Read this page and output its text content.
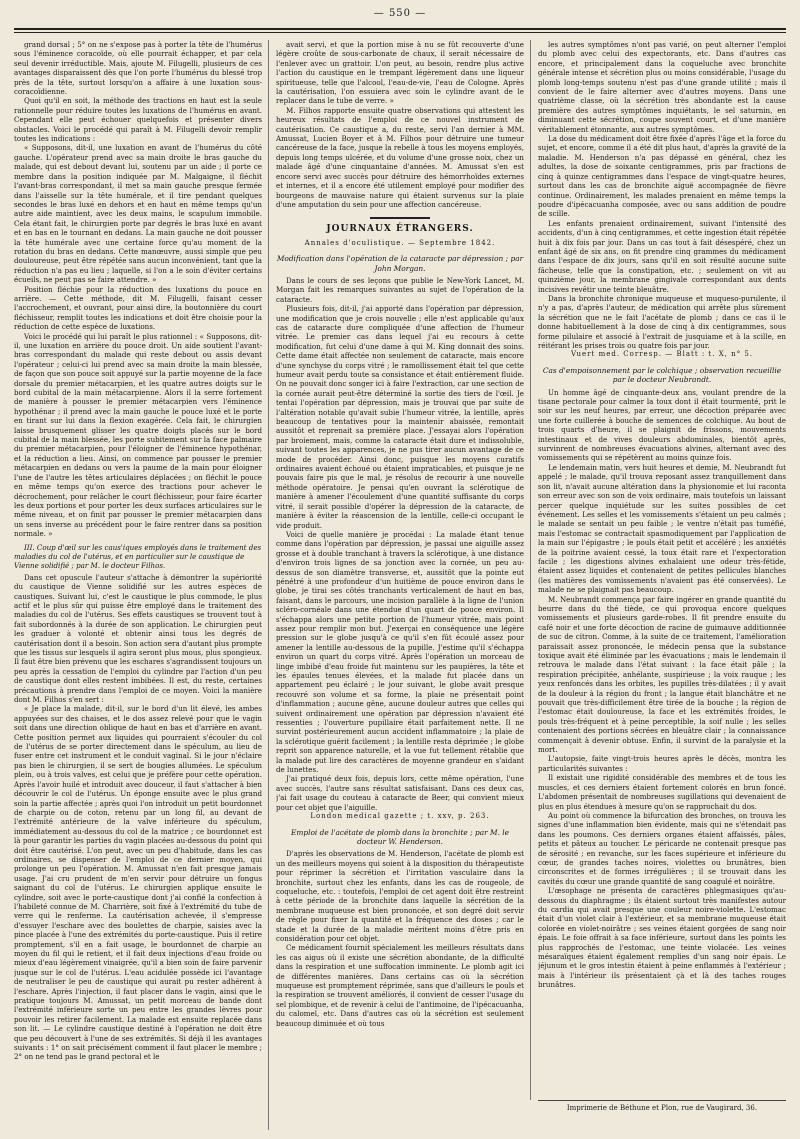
— 550 —

grand dorsal ; 5° on ne s'expose pas à porter la tête de l'humérus sous l'éminence coracoïde, où elle pourrait échapper, et par cela seul devenir irréductible. Mais, ajoute M. Filugelli, plusieurs de ces avantages disparaissent dès que l'on porte l'humérus du blessé trop près de la tête, surtout lorsqu'on a affaire à une luxation sous-coracoïdienne.

Quoi qu'il en soit, la méthode des tractions en haut est la seule rationnelle pour réduire toutes les luxations de l'humérus en avant. Cependant elle peut échouer quelquefois et présenter divers obstacles. Voici le procédé qui paraît à M. Filugelli devoir remplir toutes les indications :

« Supposons, dit-il, une luxation en avant de l'humérus du côté gauche. L'opérateur prend avec sa main droite le bras gauche du malade, qui est debout devant lui, soutenu par un aide ; il porte ce membre dans la position indiquée par M. Malgaigne, il fléchit l'avant-bras correspondant, il met sa main gauche presque fermée dans l'aisselle sur la tête humérale, et il tire pendant quelques secondes le bras luxé en dehors et en haut en même temps qu'un autre aide maintient, avec les deux mains, le scapulum immobile. Cela étant fait, le chirurgien porte par degrés le bras luxé en avant et en bas en le tournant en dedans. La main gauche ne doit pousser la tête humérale avec une certaine force qu'au moment de la rotation du bras en dedans. Cette manœuvre, aussi simple que peu douloureuse, peut être répétée sans aucun inconvénient, tant que la réduction n'a pas eu lieu ; laquelle, si l'on a le soin d'éviter certains écueils, ne peut pas se faire attendre. »

Position fléchie pour la réduction des luxations du pouce en arrière. — Cette méthode, dit M. Filugelli, faisant cesser l'accrochement, et ouvrant, pour ainsi dire, la boutonnière du court fléchisseur, remplit toutes les indications et doit être choisie pour la réduction de cette espèce de luxations.

Voici le procédé qui lui paraît le plus rationnel : « Supposons, dit-il, une luxation en arrière du pouce droit. Un aide soutient l'avant-bras correspondant du malade qui reste debout ou assis devant l'opérateur ; celui-ci lui prend avec sa main droite la main blessée, de façon que son pouce soit appuyé sur la partie moyenne de la face dorsale du premier métacarpien, et les quatre autres doigts sur le bord cubital de la main métacarpienne. Alors il la serre fortement de manière à pousser le premier métacarpien vers l'éminence hypothénar ; il prend avec la main gauche le pouce luxé et le porte en tirant sur lui dans la flexion exagérée. Cela fait, le chirurgien laisse brusquement glisser les quatre doigts placés sur le bord cubital de la main blessée, les porte subitement sur la face palmaire du premier métacarpien, pour l'éloigner de l'éminence hypothénar, et la réduction a lieu. Ainsi, on commence par pousser le premier métacarpien en dedans ou vers la paume de la main pour éloigner l'une de l'autre les têtes articulaires déplacées ; on fléchit le pouce en même temps qu'on exerce des tractions pour achever le décrochement, pour relâcher le court fléchisseur, pour faire écarter les deux portions et pour porter les deux surfaces articulaires sur le même niveau, et on finit par pousser le premier métacarpien dans un sens inverse au précédent pour le faire rentrer dans sa position normale. »

III. Coup d'œil sur les caus'iques employés dans le traitement des maladies du col de l'utérus, et en particulier sur le caustique de Vienne solidifié ; par M. le docteur Filhos.

Dans cet opuscule l'auteur s'attache à démontrer la supériorité du caustique de Vienne solidifié sur les autres espèces de caustiques. Suivant lui, c'est le caustique le plus commode, le plus actif et le plus sûr qui puisse être employé dans le traitement des maladies du col de l'utérus. Ses effets caustiques se trouvent tout à fait subordonnés à la durée de son application. Le chirurgien peut les graduer à volonté et obtenir ainsi tous les degrés de cautérisation dont il a besoin. Son action sera d'autant plus prompte que les tissus sur lesquels il agira seront plus mous, plus spongieux. Il faut être bien prévenu que les eschares s'agrandissent toujours un peu après la cessation de l'emploi du cylindre par l'action d'un peu de caustique dont elles restent imbibées. Il est, du reste, certaines précautions à prendre dans l'emploi de ce moyen. Voici la manière dont M. Filhos s'en sert :

« Je place la malade, dit-il, sur le bord d'un lit élevé, les ambes appuyées sur des chaises, et le dos assez relevé pour que le vagin soit dans une direction oblique de haut en bas et d'arrière en avant. Cette position permet aux liquides qui pourraient s'écouler du col de l'utérus de se porter directement dans le spéculum, au lieu de fuser entre cet instrument et le conduit vaginal. Si le jour n'éclaire pas bien le chirurgien, il se sert de bougies allumées. Le spéculum plein, ou à trois valves, est celui que je préfère pour cette opération. Après l'avoir huilé et introduit avec douceur, il faut s'attacher à bien découvrir le col de l'utérus. Un éponge ensuite avec le plus grand soin la partie affectée ; après quoi l'on introduit un petit bourdonnet de charpie ou de coton, retenu par un long fil, au devant de l'extrémité antérieure de la valve inférieure du spéculum, immédiatement au-dessous du col de la matrice ; ce bourdonnet est là pour garantir les parties du vagin placées au-dessous du point qui doit être cautérisé. L'on peut, avec un peu d'habitude, dans les cas ordinaires, se dispenser de l'emploi de ce dernier moyen, qui prolonge un peu l'opération. M. Amussat n'en fait presque jamais usage. J'ai cru prudent de m'en servir pour détruire un fongus saignant du col de l'utérus. Le chirurgien applique ensuite le cylindre, soit avec le porte-caustique dont j'ai confié la confection à l'habileté connue de M. Charrière, soit fixé à l'extrémité du tube de verre qui le renferme. La cautérisation achevée, il s'empresse d'essuyer l'eschare avec des boulettes de charpie, saisies avec la pince placée à l'une des extrémités du porte-caustique. Puis il retire promptement, s'il en a fait usage, le bourdonnet de charpie au moyen du fil qui le retient, et il fait deux injections d'eau froide ou mieux d'eau légèrement vinaigrée, qu'il a bien soin de faire parvenir jusque sur le col de l'utérus. L'eau acidulée possède ici l'avantage de neutraliser le peu de caustique qui aurait pu rester adhérent à l'eschare. Après l'injection, il faut placer dans le vagin, ainsi que le pratique toujours M. Amussat, un petit morceau de bande dont l'extrémité inférieure sorte un peu entre les grandes lèvres pour pouvoir les retirer facilement. La malade est ensuite replacée dans son lit. — Le cylindre caustique destiné à l'opération ne doit être que peu découvert à l'une de ses extrémités. Si déjà il les avantages suivants : 1° on sait précisément comment il faut placer le membre ; 2° on ne tend pas le grand pectoral et le

avait servi, et que la portion mise à nu se fût recouverte d'une légère croûte de sous-carbonate de chaux, il serait nécessaire de l'enlever avec un grattoir. L'on peut, au besoin, rendre plus active l'action du caustique en le trempant légèrement dans une liqueur spiritueuse, telle que l'alcool, l'eau-de-vie, l'eau de Cologne. Après la cautérisation, l'on essuiera avec soin le cylindre avant de le replacer dans le tube de verre. »

M. Filhos rapporte ensuite quatre observations qui attestent les heureux résultats de l'emploi de ce nouvel instrument de cautérisation. Ce caustique a, du reste, servi l'an dernier à MM. Amussat, Lucien Boyer et à M. Filhos pour détruire une tumeur cancéreuse de la face, jusque la rebelle à tous les moyens employés, depuis long temps ulcérée, et du volume d'une grosse noix, chez un malade âgé d'une cinquantaine d'années. M. Amussat s'en est encore servi avec succès pour détruire des hémorrhoïdes externes et internes, et il a encore été utilement employé pour modifier des bourgeons de mauvaise nature qui étaient survenus sur la plaie d'une amputation du sein pour une affection cancéreuse.

JOURNAUX ÉTRANGERS.

Annales d'oculistique. — Septembre 1842.

Modification dans l'opération de la cataracte par dépression ; par John Morgan.

Dans le cours de ses leçons que publie le New-York Lancet, M. Morgan fait les remarques suivantes au sujet de l'opération de la cataracte.

Plusieurs fois, dit-il, j'ai apporté dans l'opération par dépression, une modification que je crois nouvelle ; elle n'est applicable qu'aux cas de cataracte dure compliquée d'une affection de l'humeur vitrée. Le premier cas dans lequel j'ai eu recours à cette modification, fut celui d'une dame à qui M. King donnait des soins. Cette dame était affectée non seulement de cataracte, mais encore d'une synchyse du corps vitré ; le ramollissement était tel que cette humeur avait perdu toute sa consistance et était entièrement fluide. On ne pouvait donc songer ici à faire l'extraction, car une section de la cornée aurait peut-être déterminé la sortie des tiers de l'œil. Je tentai l'opération par dépression, mais je trouvai que par suite de l'altération notable qu'avait subie l'humeur vitrée, la lentille, après beaucoup de tentatives pour la maintenir abaissée, remontait aussitôt et reprenait sa première place. J'essayai alors l'opération par broiement, mais, comme la cataracte était dure et indissoluble, suivant toutes les apparences, je ne pus tirer aucun avantage de ce mode de procéder. Ainsi donc, puisque les moyens curatifs ordinaires avaient échoué ou étaient impraticables, et puisque je ne pouvais faire pis que le mal, je résolus de recourir à une nouvelle méthode opératoire. Je pensai qu'en ouvrant la sclérotique de manière à amener l'écoulement d'une quantité suffisante du corps vitré, il serait possible d'opérer la dépression de la cataracte, de manière à éviter la réascension de la lentille, celle-ci occupant le vide produit.

Voici de quelle manière je procédai : La malade étant tenue comme dans l'opération par dépression, je passai une aiguille assez grosse et à double tranchant à travers la sclérotique, à une distance d'environ trois lignes de sa jonction avec la cornée, un peu au-dessus de son diamètre transverse, et, aussitôt que la pointe eut pénétré à une profondeur d'un huitième de pouce environ dans le globe, je tirai ses côtés tranchants verticalement de haut en bas, faisant, dans le parcours, une incision parallèle à la ligne de l'union scléro-cornéale dans une étendue d'un quart de pouce environ. Il s'échappa alors une petite portion de l'humeur vitrée, mais point assez pour remplir mon but. J'exerçai en conséquence une légère pression sur le globe jusqu'à ce qu'il s'en fût écoulé assez pour amener la lentille au-dessous de la pupille. J'estime qu'il s'échappa environ un quart du corps vitré. Après l'opération un morceau de linge imbibé d'eau froide fut maintenu sur les paupières, la tête et les épaules tenues élevées, et la malade fut placée dans un appartement peu éclairé ; le jour suivant, le globe avait presque recouvré son volume et sa forme, la plaie ne présentait point d'inflammation ; aucune gêne, aucune douleur autres que celles qui suivent ordinairement une opération par dépression n'avaient été ressenties ; l'ouverture pupillaire était parfaitement nette. Il ne survint postérieurement aucun accident inflammatoire ; la plaie de la sclérotique guérit facilement ; la lentille resta déprimée ; le globe reprit son apparence naturelle, et la vue fut tellement rétablie que la malade put lire des caractères de moyenne grandeur en s'aidant de lunettes.

J'ai pratiqué deux fois, depuis lors, cette même opération, l'une avec succès, l'autre sans résultat satisfaisant. Dans ces deux cas, j'ai fait usage du couteau à cataracte de Beer, qui convient mieux pour cet objet que l'aiguille.

London medical gazette ; t. xxv, p. 263.

Emploi de l'acétate de plomb dans la bronchite ; par M. le docteur W. Henderson.

D'après les observations de M. Henderson, l'acétate de plomb est un des meilleurs moyens qui soient à la disposition du thérapeutiste pour réprimer la sécrétion et l'irritation vasculaire dans la bronchite, surtout chez les enfants, dans les cas de rougeole, de coqueluche, etc. : toutefois, l'emploi de cet agent doit être restreint à cette période de la bronchite dans laquelle la sécrétion de la membrane muqueuse est bien prononcée, et son degré doit servir de règle pour fixer la quantité et la fréquence des doses ; car le stade et la durée de la maladie méritent moins d'être pris en considération pour cet objet.

Ce médicament fournit spécialement les meilleurs résultats dans les cas aigus où il existe une sécrétion abondante, de la difficulté dans la respiration et une suffocation imminente. Le plomb agit ici de différentes manières. Dans certains cas où la sécrétion muqueuse est promptement réprimée, sans que d'ailleurs le pouls et la respiration se trouvent améliorés, il convient de cesser l'usage du sel plombique, et de revenir à celui de l'antimoine, de l'ipécacuanha, du calomel, etc. Dans d'autres cas où la sécrétion est seulement beaucoup diminuée et où tous

les autres symptômes n'ont pas varié, on peut alterner l'emploi du plomb avec celui des expectorants, etc. Dans d'autres cas encore, et principalement dans la coqueluche avec bronchite générale intense et sécrétion plus ou moins considérable, l'usage du plomb long-temps soutenu n'est pas d'une grande utilité ; mais il convient de le faire alterner avec d'autres moyens. Dans une quatrième classe, où la sécrétion très abondante est la cause première des autres symptômes inquiétants, le sel saturnin, en diminuant cette sécrétion, coupe souvent court, et d'une manière véritablement étonnante, aux autres symptômes.

La dose du médicament doit être fixée d'après l'âge et la force du sujet, et encore, comme il a été dit plus haut, d'après la gravité de la maladie. M. Henderson n'a pas dépassé en général, chez les adultes, la dose de soixante centigrammes, pris par fractions de cinq à quinze centigrammes dans l'espace de vingt-quatre heures, surtout dans les cas de bronchite aiguë accompagnée de fièvre continue. Ordinairement, les malades prenaient en même temps la poudre d'ipécacuanha composée, avec ou sans addition de poudre de scille.

Les enfants prenaient ordinairement, suivant l'intensité des accidents, d'un à cinq centigrammes, et cette ingestion était répétée huit à dix fois par jour. Dans un cas tout à fait désespéré, chez un enfant âgé de six ans, on fit prendre cinq grammes du médicament dans l'espace de dix jours, sans qu'il en soit résulté aucune suite fâcheuse, telle que la constipation, etc. ; seulement on vit au quinzième jour, la membrane gingivale correspondant aux dents incisives revêtir une teinte bleuâtre.

Dans la bronchite chronique muqueuse et muqueso-purulente, il n'y a pas, d'après l'auteur, de médication qui arrête plus sûrement la sécrétion que ne le fait l'acétate de plomb ; dans ce cas il le donne habituellement à la dose de cinq à dix centigrammes, sous forme pilulaire et associé à l'extrait de jusquiame et à la scille, en réitérant les prises trois ou quatre fois par jour.

Vuert med. Corresp. — Blatt : t. X, n° 5.

Cas d'empoisonnement par le colchique ; observation recueillie par le docteur Neubrandt.

Un homme âgé de cinquante-deux ans, voulant prendre de la tisane pectorale pour calmer la toux dont il était tourmenté, prit le soir sur les neuf heures, par erreur, une décoction préparée avec une forte cuillerée à bouche de semences de colchique. Au bout de trois quarts d'heure, il se plaignit de frissons, mouvements intestinaux et de vives douleurs abdominales, bientôt après, survinrent de nombreuses évacuations alvines, alternant avec des vomissements qui se répétèrent au moins quinze fois.

Le lendemain matin, vers huit heures et demie, M. Neubrandt fut appelé ; le malade, qu'il trouva reposant assez tranquillement dans son lit, n'avait aucune altération dans la physionomie et lui raconta son erreur avec son son de voix ordinaire, mais toutefois un laissant percer quelque inquiétude sur les suites possibles de cet événement. Les selles et les vomissements s'étaient un peu calmés ; le malade se sentait un peu faible ; le ventre n'était pas tuméfié, mais l'estomac se contractait spasmodiquement par l'application de la main sur l'épigastre ; le pouls était petit et accéléré ; les anxiétés de la poitrine avaient cessé, la toux était rare et l'expectoration facile ; les digestions alvines exhalaient une odeur très-fétide, étaient assez liquides et contenaient de petites pellicules blanches (les matières des vomissements n'avaient pas été conservées). Le malade ne se plaignait pas beaucoup.

M. Neubrandt commença par faire ingérer en grande quantité du beurre dans du thé tiède, ce qui provoqua encore quelques vomissements et plusieurs garde-robes. Il fit prendre ensuite du café noir et une forte décoction de racine de guimauve additionnée de suc de citron. Comme, à la suite de ce traitement, l'amélioration paraissait assez prononcée, le médecin pensa que la substance toxique avait été éliminée par les évacuations ; mais le lendemain il retrouva le malade dans l'état suivant : la face était pâle ; la respiration précipitée, anhélante, suspirieuse ; la voix rauque ; les yeux renfoncés dans les orbites, les pupilles très-dilatées ; il y avait de la douleur à la région du front ; la langue était blanchâtre et ne pouvait que très-difficilement être tirée de la bouche ; la région de l'estomac était douloureuse, la face et les extrémités froides, le pouls très-fréquent et à peine perceptible, la soif nulle ; les selles contenaient des portions sécrées en bleuâtre clair ; la connaissance commençait à devenir obtuse. Enfin, il survint de la paralysie et la mort.

L'autopsie, faite vingt-trois heures après le décès, montra les particularités suivantes :

Il existait une rigidité considérable des membres et de tous les muscles, et ces derniers étaient fortement colorés en brun foncé. L'abdomen présentait de nombreuses sugillations qui devenaient de plus en plus étendues à mesure qu'on se rapprochait du dos.

Au point où commence la bifurcation des bronches, on trouva les signes d'une inflammation bien évidente, mais qui ne s'étendait pas dans les poumons. Ces derniers organes étaient affaissés, pâles, petits et pâteux au toucher. Le péricarde ne contenait presque pas de sérosité ; en revanche, sur les faces supérieure et inférieure du cœur, de grandes taches noires, violettes ou brunâtres, bien circonscrites et de formes irrégulières ; il se trouvait dans les cavités du cœur une grande quantité de sang coagulé et noirâtre.

L'œsophage ne présenta de caractères phlegmasiques qu'au-dessous du diaphragme ; ils étaient surtout très manifestes autour du cardia qui avait presque une couleur noire-violette. L'estomac était d'un violet clair à l'extérieur, et sa membrane muqueuse était colorée en violet-noirâtre ; ses veines étaient gorgées de sang noir épais. Le foie offrait à sa face inférieure, surtout dans les points les plus rapprochés de l'estomac, une teinte violacée. Les veines mésaraïques étaient également remplies d'un sang noir épais. Le jéjunum et le gros intestin étaient à peine enflammés à l'extérieur ; mais à l'intérieur ils présentaient çà et là des taches rouges brunâtres.

Imprimerie de Béthune et Plon, rue de Vaugirard, 36.
